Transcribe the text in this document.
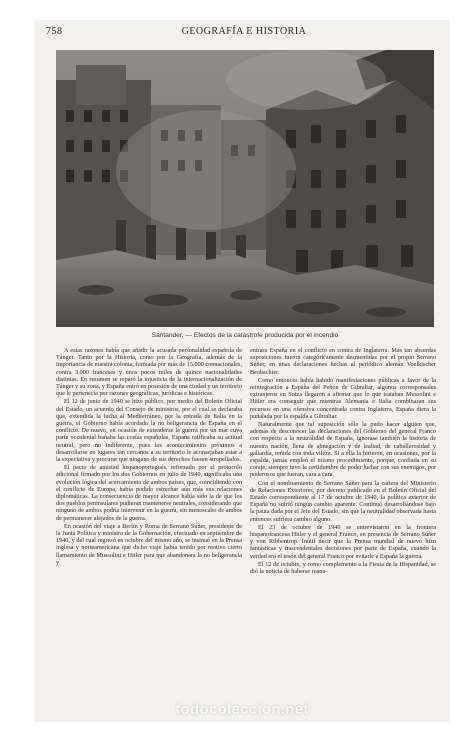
758	GEOGRAFÍA E HISTORIA
Santander. — Efectos de la catástrofe producida por el incendio

A estas razones había que añadir la acusada personalidad española de Tánger. Tanto por la Historia, como por la Geografía, además de la importancia de nuestra colonia, formada por más de 15.000 connacionales, contra 3.000 franceses y unos pocos miles de quince nacionalidades distintas. En resumen se reparó la injusticia de la internacionalización de Tánger y su zona, y España entró en posesión de una ciudad y un territorio que le pertenecía por razones geográficas, jurídicas e históricas.

El 12 de junio de 1940 se hizo público, por medio del Boletín Oficial del Estado, un acuerdo del Consejo de ministros, por el cual se declaraba que, extendida la lucha al Mediterráneo, por la entrada de Italia en la guerra, el Gobierno había acordado la no beligerancia de España en el conflicto. De nuevo, en ocasión de extenderse la guerra por un mar cuya parte occidental bañaba las costas españolas, España ratificaba su actitud neutral, pero no indiferente, pues los acontecimientos próximos a desarrollarse en lugares tan cercanos a su territorio le aconsejaban estar a la expectativa y procurar que ninguno de sus derechos fuesen atropellados.

El pacto de amistad hispanoportugués, reforzado por el protocolo adicional firmado por los dos Gobiernos en julio de 1940, significaba una evolución lógica del acercamiento de ambos países, que, coincidiendo con el conflicto de Europa, había podido estrechar aún más sus relaciones diplomáticas. La consecuencia de mayor alcance había sido la de que los dos pueblos peninsulares pudieran mantenerse neutrales, considerando que ninguno de ambos podría intervenir en la guerra, sin menoscabo de ambos de permanecer alejados de la guerra.

En ocasión del viaje a Berlín y Roma de Serrano Súñer, presidente de la Junta Política y ministro de la Gobernación, efectuado en septiembre de 1940, y del cual regresó en octubre del mismo año, se insinuó en la Prensa inglesa y norteamericana que dicho viaje había tenido por motivo cierto llamamiento de Mussolini e Hitler para que abandonara la no beligerancia y

entrara España en el conflicto en contra de Inglaterra. Mas tan absurdas suposiciones fueron categóricamente desmentidas por el propio Serrano Súñer, en unas declaraciones hechas al periódico alemán Voelkischer Beobachter.

Como entonces había habido manifestaciones públicas a favor de la reintegración a España del Peñón de Gibraltar, algunos corresponsales extranjeros en Suiza llegaron a afirmar que lo que trataban Mussolini e Hitler era conseguir que mientras Alemania e Italia combinaran sus recursos en una ofensiva concentrada contra Inglaterra, España diera la puñalada por la espalda a Gibraltar.

Naturalmente que tal suposición sólo la pudo hacer alguien que, además de desconocer las declaraciones del Gobierno del general Franco con respecto a la neutralidad de España, ignorase también la historia de nuestra nación, llena de abnegación y de lealtad, de caballerosidad y gallardía, reñida con toda vileza. Si a ella la hirieron, en ocasiones, por la espalda, jamás empleó el mismo procedimiento, porque, confiada en su coraje, siempre tuvo la certidumbre de poder luchar con sus enemigos, por poderosos que fueran, cara a cara.

Con el nombramiento de Serrano Súñer para la cartera del Ministerio de Relaciones Exteriores, por decreto publicado en el Boletín Oficial del Estado correspondiente al 17 de octubre de 1940, la política exterior de España no sufrió ningún cambio aparente. Continuó desarrollándose bajo la pauta dada por el Jefe del Estado, sin que la neutralidad observada hasta entonces sufriera cambio alguno.

El 23 de octubre de 1940 se entrevistaron en la frontera hispanofrancesa Hitler y el general Franco, en presencia de Serrano Súñer y von Ribbentrop. Inútil decir que la Prensa mundial de nuevo hizo fantásticas y trascendentales decisiones por parte de España, cuando la verdad era el tesón del general Franco por evitarle a España la guerra.

El 12 de octubre, y como complemento a la Fiesta de la Hispanidad, se dió la noticia de haberse reanu-

todocoleccion.net
